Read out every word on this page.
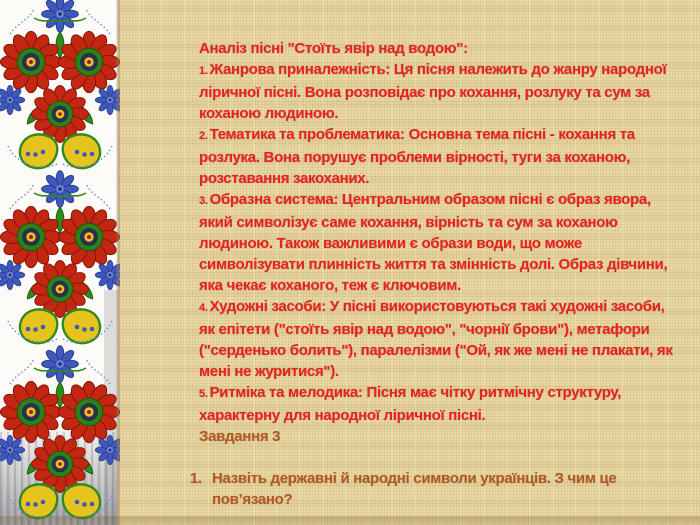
Аналіз пісні "Стоїть явір над водою":

1. Жанрова приналежність: Ця пісня належить до жанру народної ліричної пісні. Вона розповідає про кохання, розлуку та сум за коханою людиною.

2. Тематика та проблематика: Основна тема пісні - кохання та розлука. Вона порушує проблеми вірності, туги за коханою, розставання закоханих.

3. Образна система: Центральним образом пісні є образ явора, який символізує саме кохання, вірність та сум за коханою людиною. Також важливими є образи води, що може символізувати плинність життя та змінність долі. Образ дівчини, яка чекає коханого, теж є ключовим.

4. Художні засоби: У пісні використовуються такі художні засоби, як епітети ("стоїть явір над водою", "чорнії брови"), метафори ("серденько болить"), паралелізми ("Ой, як же мені не плакати, як мені не журитися").

5. Ритміка та мелодика: Пісня має чітку ритмічну структуру, характерну для народної ліричної пісні.

Завдання 3

1. Назвіть державні й народні символи українців. З чим це пов’язано?
